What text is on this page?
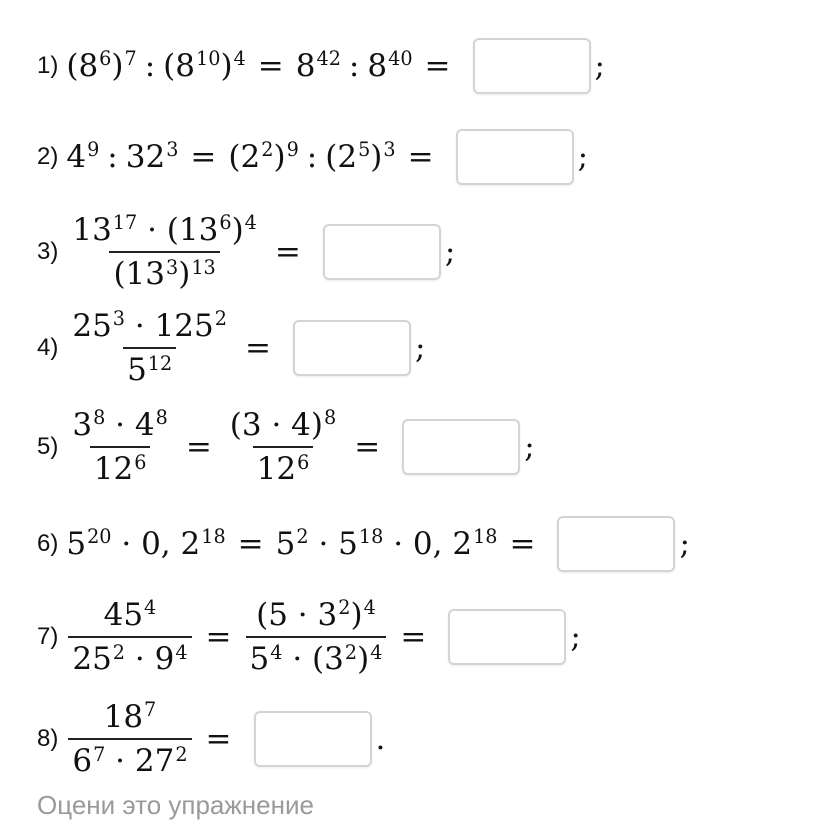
1) $(8^6)^7$ : $(8^{10})^4 = 8^{42}$ : $8^{40}$ =	;
2) $4^9$ : $32^3 = (2^2)^9$ : $(2^5)^3$ =	;
$3) \frac{13^{17} \cdot (13^6)^4}{(13^3)^{13}}$ =	;
$4) \frac{25^3 \cdot 125^2}{5^{12}}$ =	;
$5) \frac{3^8 \cdot 4^8}{12^6} = \frac{(3 \cdot 4)^8}{12^6}$ =	;
6) $5^{20} \cdot 0$, $2^{18} = 5^2 \cdot 5^{18} \cdot 0$, $2^{18}$ =	;
$7) \frac{45^4}{25^2 \cdot 9^4} = \frac{(5 \cdot 3^2)^4}{5^4 \cdot (3^2)^4}$ =	;
$8) \frac{18^7}{6^7 \cdot 27^2}$ =	.
Оцени это упражнение
